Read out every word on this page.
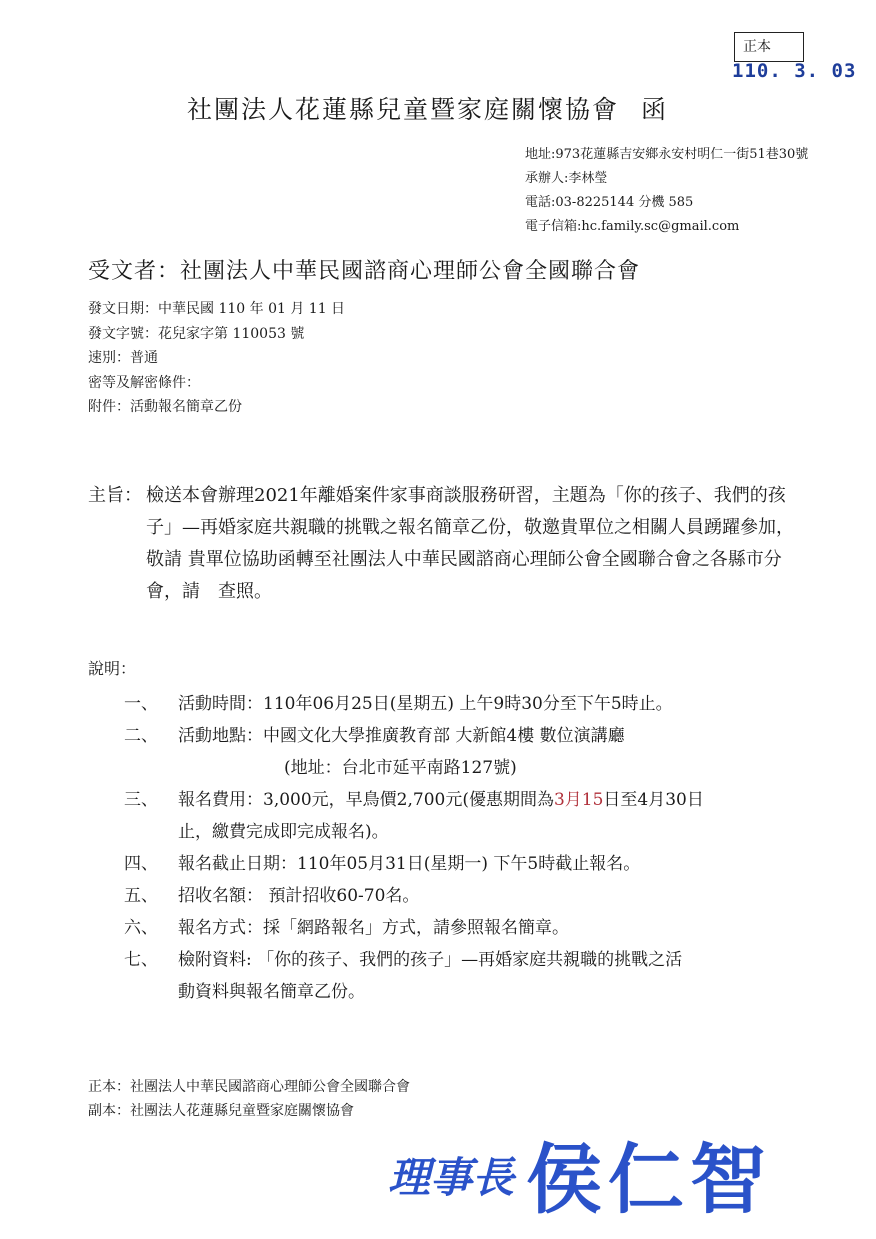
正本
110. 3. 03
社團法人花蓮縣兒童暨家庭關懷協會 函
地址:973花蓮縣吉安鄉永安村明仁一街51巷30號
承辦人:李林瑩
電話:03-8225144 分機 585
電子信箱:hc.family.sc@gmail.com
受文者：社團法人中華民國諮商心理師公會全國聯合會
發文日期：中華民國 110 年 01 月 11 日
發文字號：花兒家字第 110053 號
速別：普通
密等及解密條件：
附件：活動報名簡章乙份
主旨： 檢送本會辦理2021年離婚案件家事商談服務研習，主題為「你的孩子、我們的孩子」—再婚家庭共親職的挑戰之報名簡章乙份，敬邀貴單位之相關人員踴躍參加，敬請 貴單位協助函轉至社團法人中華民國諮商心理師公會全國聯合會之各縣市分會，請　查照。
說明：
一、	活動時間：110年06月25日(星期五) 上午9時30分至下午5時止。
二、	活動地點：中國文化大學推廣教育部 大新館4樓 數位演講廳
(地址：台北市延平南路127號)
三、	報名費用：3,000元，早鳥價2,700元(優惠期間為3月15日至4月30日
止，繳費完成即完成報名)。
四、	報名截止日期：110年05月31日(星期一) 下午5時截止報名。
五、	招收名額： 預計招收60-70名。
六、	報名方式：採「網路報名」方式，請參照報名簡章。
七、	檢附資料: 「你的孩子、我們的孩子」—再婚家庭共親職的挑戰之活
動資料與報名簡章乙份。
正本：社團法人中華民國諮商心理師公會全國聯合會
副本：社團法人花蓮縣兒童暨家庭關懷協會
理事長 侯仁智
